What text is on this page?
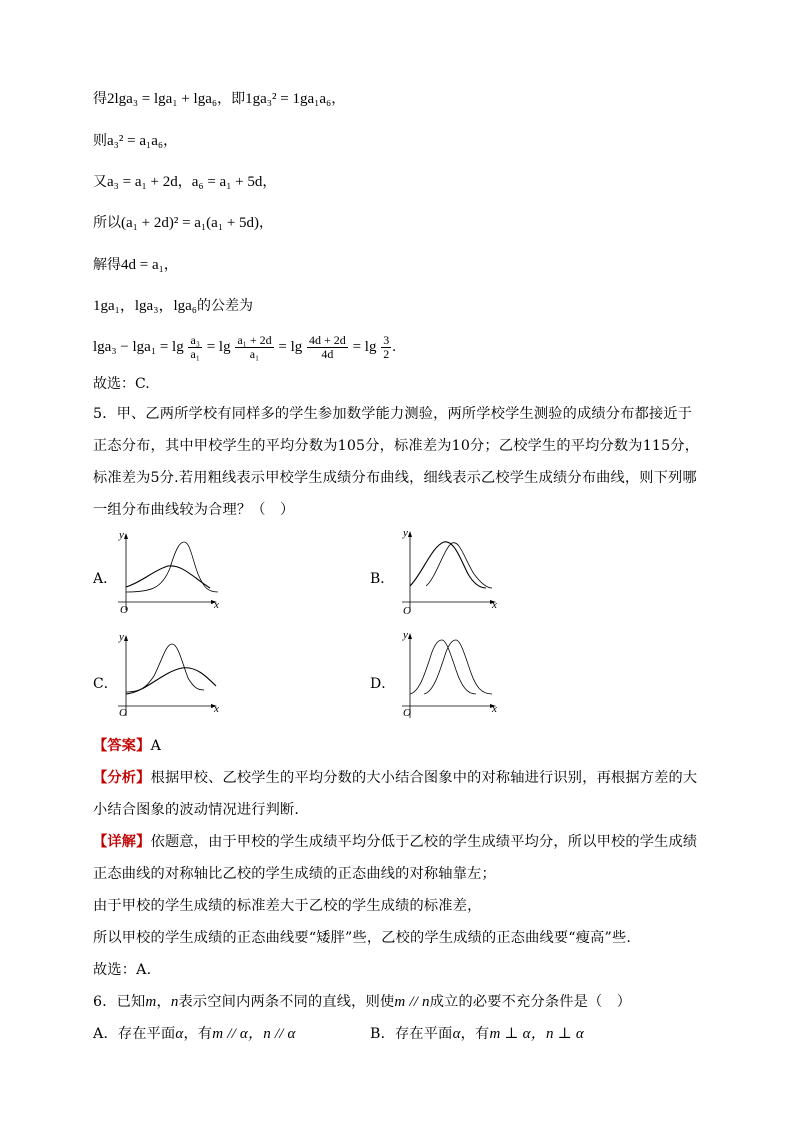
得2lga₃ = lga₁ + lga₆，即1ga₃² = 1ga₁a₆，
则a₃² = a₁a₆，
又a₃ = a₁ + 2d，a₆ = a₁ + 5d，
所以(a₁ + 2d)² = a₁(a₁ + 5d)，
解得4d = a₁，
1ga₁，lga₃，lga₆的公差为
$\lg a_3 - \lg a_1 = \lg \frac{\text{a₃}}{\text{a₁}} = \lg \frac{\text{a₁ + 2d}}{\text{a₁}} = \lg \frac{4d + 2d}{4d} = \lg \frac{3}{2}$ .
故选：C.
5．甲、乙两所学校有同样多的学生参加数学能力测验，两所学校学生测验的成绩分布都接近于正态分布，其中甲校学生的平均分数为105分，标准差为10分；乙校学生的平均分数为115分，标准差为5分.若用粗线表示甲校学生成绩分布曲线，细线表示乙校学生成绩分布曲线，则下列哪一组分布曲线较为合理？（　）
A．
y
x
O
B．
y
x
O
C．
y
x
O
D．
y
x
O
【答案】A
【分析】根据甲校、乙校学生的平均分数的大小结合图象中的对称轴进行识别，再根据方差的大小结合图象的波动情况进行判断.
【详解】依题意，由于甲校的学生成绩平均分低于乙校的学生成绩平均分，所以甲校的学生成绩正态曲线的对称轴比乙校的学生成绩的正态曲线的对称轴靠左；
由于甲校的学生成绩的标准差大于乙校的学生成绩的标准差，
所以甲校的学生成绩的正态曲线要“矮胖”些，乙校的学生成绩的正态曲线要“瘦高”些.
故选：A.
6．已知m，n表示空间内两条不同的直线，则使m // n成立的必要不充分条件是（　）
A．存在平面α，有m // α，n // α	B．存在平面α，有m ⊥ α，n ⊥ α
